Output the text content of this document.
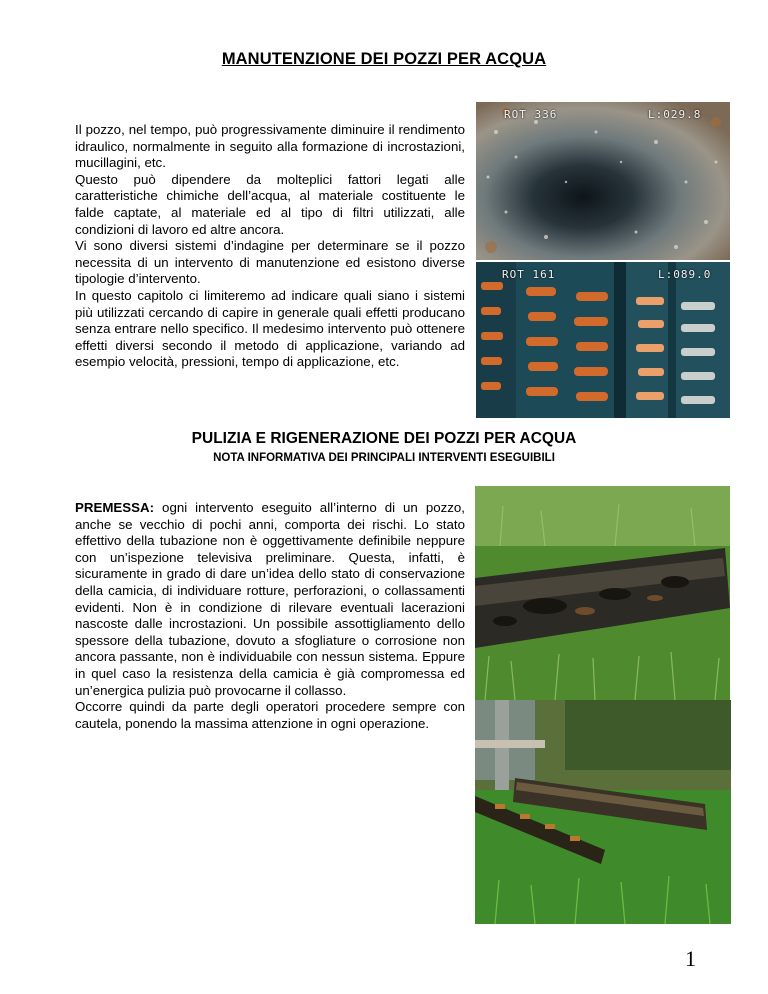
MANUTENZIONE DEI POZZI PER ACQUA

Il pozzo, nel tempo, può progressivamente diminuire il rendimento idraulico, normalmente in seguito alla formazione di incrostazioni, mucillagini, etc.

Questo può dipendere da molteplici fattori legati alle caratteristiche chimiche dell’acqua, al materiale costituente le falde captate, al materiale ed al tipo di filtri utilizzati, alle condizioni di lavoro ed altre ancora.

Vi sono diversi sistemi d’indagine per determinare se il pozzo necessita di un intervento di manutenzione ed esistono diverse tipologie d’intervento.

In questo capitolo ci limiteremo ad indicare quali siano i sistemi più utilizzati cercando di capire in generale quali effetti producano senza entrare nello specifico. Il medesimo intervento può ottenere effetti diversi secondo il metodo di applicazione, variando ad esempio velocità, pressioni, tempo di applicazione, etc.

ROT 336	L:029.8
ROT 161	L:089.0
PULIZIA E RIGENERAZIONE DEI POZZI PER ACQUA
NOTA INFORMATIVA DEI PRINCIPALI INTERVENTI ESEGUIBILI

PREMESSA: ogni intervento eseguito all’interno di un pozzo, anche se vecchio di pochi anni, comporta dei rischi. Lo stato effettivo della tubazione non è oggettivamente definibile neppure con un’ispezione televisiva preliminare. Questa, infatti, è sicuramente in grado di dare un’idea dello stato di conservazione della camicia, di individuare rotture, perforazioni, o collassamenti evidenti. Non è in condizione di rilevare eventuali lacerazioni nascoste dalle incrostazioni. Un possibile assottigliamento dello spessore della tubazione, dovuto a sfogliature o corrosione non ancora passante, non è individuabile con nessun sistema. Eppure in quel caso la resistenza della camicia è già compromessa ed un’energica pulizia può provocarne il collasso.

Occorre quindi da parte degli operatori procedere sempre con cautela, ponendo la massima attenzione in ogni operazione.

1
